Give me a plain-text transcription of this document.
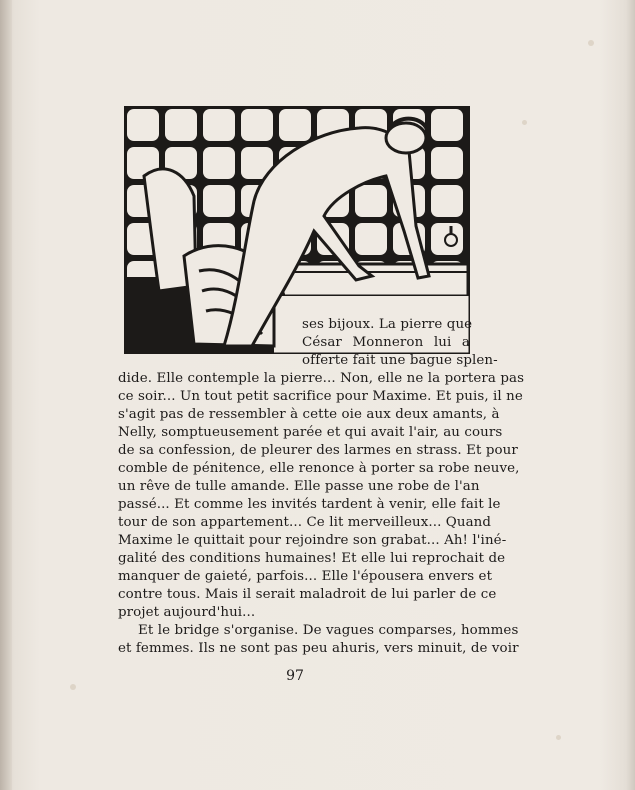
ses bijoux. La pierre que
César Monneron lui a
offerte fait une bague splen-
dide. Elle contemple la pierre... Non, elle ne la portera pas
ce soir... Un tout petit sacrifice pour Maxime. Et puis, il ne
s'agit pas de ressembler à cette oie aux deux amants, à
Nelly, somptueusement parée et qui avait l'air, au cours
de sa confession, de pleurer des larmes en strass. Et pour
comble de pénitence, elle renonce à porter sa robe neuve,
un rêve de tulle amande. Elle passe une robe de l'an
passé... Et comme les invités tardent à venir, elle fait le
tour de son appartement... Ce lit merveilleux... Quand
Maxime le quittait pour rejoindre son grabat... Ah! l'iné-
galité des conditions humaines! Et elle lui reprochait de
manquer de gaieté, parfois... Elle l'épousera envers et
contre tous. Mais il serait maladroit de lui parler de ce
projet aujourd'hui...
Et le bridge s'organise. De vagues comparses, hommes
et femmes. Ils ne sont pas peu ahuris, vers minuit, de voir
97
